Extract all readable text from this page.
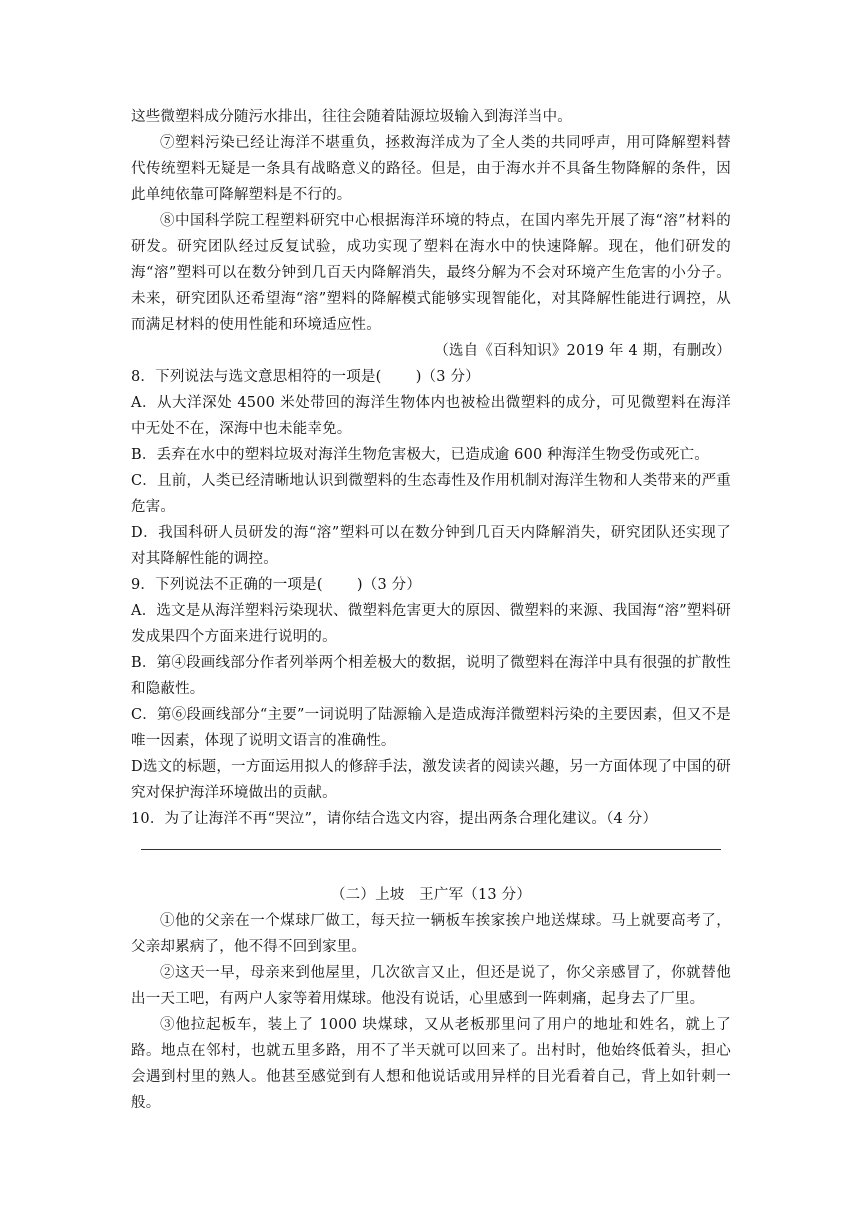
这些微塑料成分随污水排出，往往会随着陆源垃圾输入到海洋当中。

⑦塑料污染已经让海洋不堪重负，拯救海洋成为了全人类的共同呼声，用可降解塑料替代传统塑料无疑是一条具有战略意义的路径。但是，由于海水并不具备生物降解的条件，因此单纯依靠可降解塑料是不行的。

⑧中国科学院工程塑料研究中心根据海洋环境的特点，在国内率先开展了海“溶”材料的研发。研究团队经过反复试验，成功实现了塑料在海水中的快速降解。现在，他们研发的海“溶”塑料可以在数分钟到几百天内降解消失，最终分解为不会对环境产生危害的小分子。未来，研究团队还希望海“溶”塑料的降解模式能够实现智能化，对其降解性能进行调控，从而满足材料的使用性能和环境适应性。

（选自《百科知识》2019 年 4 期，有删改）

8．下列说法与选文意思相符的一项是(　　 )（3 分）

A．从大洋深处 4500 米处带回的海洋生物体内也被检出微塑料的成分，可见微塑料在海洋中无处不在，深海中也未能幸免。

B．丢弃在水中的塑料垃圾对海洋生物危害极大，已造成逾 600 种海洋生物受伤或死亡。

C．且前，人类已经清晰地认识到微塑料的生态毒性及作用机制对海洋生物和人类带来的严重危害。

D．我国科研人员研发的海“溶”塑料可以在数分钟到几百天内降解消失，研究团队还实现了对其降解性能的调控。

9．下列说法不正确的一项是(　　 )（3 分）

A．选文是从海洋塑料污染现状、微塑料危害更大的原因、微塑料的来源、我国海“溶”塑料研发成果四个方面来进行说明的。

B．第④段画线部分作者列举两个相差极大的数据，说明了微塑料在海洋中具有很强的扩散性和隐蔽性。

C．第⑥段画线部分“主要”一词说明了陆源输入是造成海洋微塑料污染的主要因素，但又不是唯一因素，体现了说明文语言的准确性。

D选文的标题，一方面运用拟人的修辞手法，激发读者的阅读兴趣，另一方面体现了中国的研究对保护海洋环境做出的贡献。

10．为了让海洋不再“哭泣”，请你结合选文内容，提出两条合理化建议。（4 分）

（二）上坡　王广军（13 分）

①他的父亲在一个煤球厂做工，每天拉一辆板车挨家挨户地送煤球。马上就要高考了，父亲却累病了，他不得不回到家里。

②这天一早，母亲来到他屋里，几次欲言又止，但还是说了，你父亲感冒了，你就替他出一天工吧，有两户人家等着用煤球。他没有说话，心里感到一阵刺痛，起身去了厂里。

③他拉起板车，装上了 1000 块煤球，又从老板那里问了用户的地址和姓名，就上了路。地点在邻村，也就五里多路，用不了半天就可以回来了。出村时，他始终低着头，担心会遇到村里的熟人。他甚至感觉到有人想和他说话或用异样的目光看着自己，背上如针刺一般。
